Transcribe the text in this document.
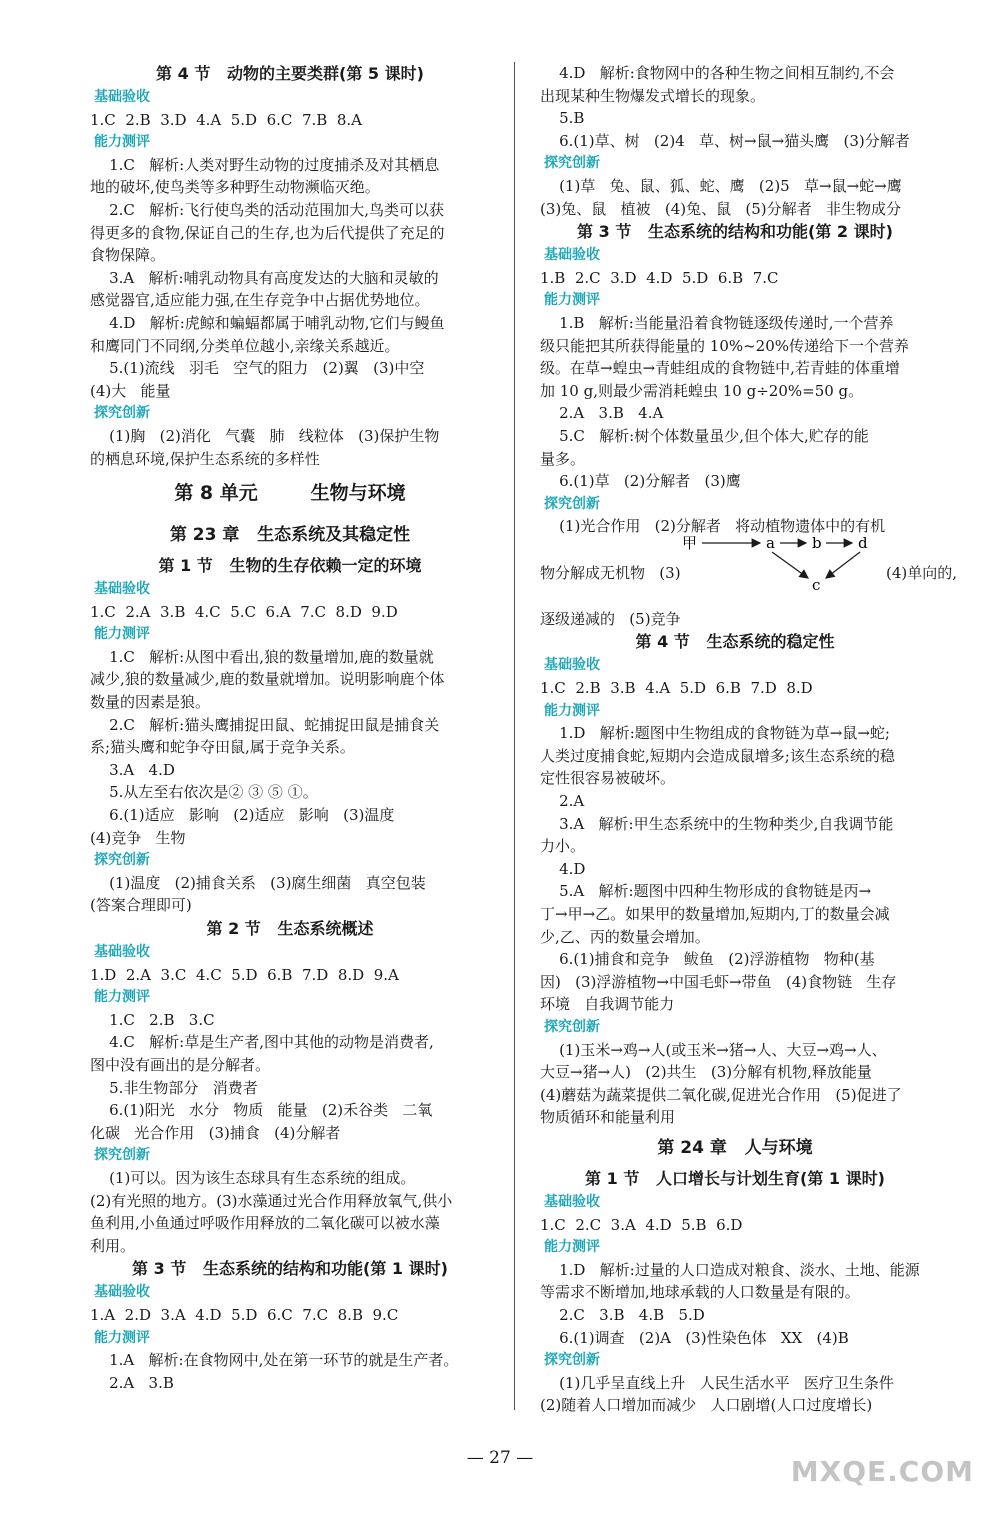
第 4 节   动物的主要类群(第 5 课时)
基础验收
1.C  2.B  3.D  4.A  5.D  6.C  7.B  8.A
能力测评
1.C   解析:人类对野生动物的过度捕杀及对其栖息
地的破坏,使鸟类等多种野生动物濒临灭绝。
2.C   解析:飞行使鸟类的活动范围加大,鸟类可以获
得更多的食物,保证自己的生存,也为后代提供了充足的
食物保障。
3.A   解析:哺乳动物具有高度发达的大脑和灵敏的
感觉器官,适应能力强,在生存竞争中占据优势地位。
4.D   解析:虎鲸和蝙蝠都属于哺乳动物,它们与鳗鱼
和鹰同门不同纲,分类单位越小,亲缘关系越近。
5.(1)流线   羽毛   空气的阻力   (2)翼   (3)中空
(4)大   能量
探究创新
(1)胸   (2)消化   气囊   肺   线粒体   (3)保护生物
的栖息环境,保护生态系统的多样性
第 8 单元        生物与环境
第 23 章   生态系统及其稳定性
第 1 节   生物的生存依赖一定的环境
基础验收
1.C  2.A  3.B  4.C  5.C  6.A  7.C  8.D  9.D
能力测评
1.C   解析:从图中看出,狼的数量增加,鹿的数量就
减少,狼的数量减少,鹿的数量就增加。说明影响鹿个体
数量的因素是狼。
2.C   解析:猫头鹰捕捉田鼠、蛇捕捉田鼠是捕食关
系;猫头鹰和蛇争夺田鼠,属于竞争关系。
3.A   4.D
5.从左至右依次是② ③ ⑤ ①。
6.(1)适应   影响   (2)适应   影响   (3)温度
(4)竞争   生物
探究创新
(1)温度   (2)捕食关系   (3)腐生细菌   真空包装
(答案合理即可)
第 2 节   生态系统概述
基础验收
1.D  2.A  3.C  4.C  5.D  6.B  7.D  8.D  9.A
能力测评
1.C   2.B   3.C
4.C   解析:草是生产者,图中其他的动物是消费者,
图中没有画出的是分解者。
5.非生物部分   消费者
6.(1)阳光   水分   物质   能量   (2)禾谷类   二氧
化碳   光合作用   (3)捕食   (4)分解者
探究创新
(1)可以。因为该生态球具有生态系统的组成。
(2)有光照的地方。(3)水藻通过光合作用释放氧气,供小
鱼利用,小鱼通过呼吸作用释放的二氧化碳可以被水藻
利用。
第 3 节   生态系统的结构和功能(第 1 课时)
基础验收
1.A  2.D  3.A  4.D  5.D  6.C  7.C  8.B  9.C
能力测评
1.A   解析:在食物网中,处在第一环节的就是生产者。
2.A   3.B
4.D   解析:食物网中的各种生物之间相互制约,不会
出现某种生物爆发式增长的现象。
5.B
6.(1)草、树   (2)4   草、树→鼠→猫头鹰   (3)分解者
探究创新
(1)草   兔、鼠、狐、蛇、鹰   (2)5   草→鼠→蛇→鹰
(3)兔、鼠   植被   (4)兔、鼠   (5)分解者   非生物成分
第 3 节   生态系统的结构和功能(第 2 课时)
基础验收
1.B  2.C  3.D  4.D  5.D  6.B  7.C
能力测评
1.B   解析:当能量沿着食物链逐级传递时,一个营养
级只能把其所获得能量的 10%~20%传递给下一个营养
级。在草→蝗虫→青蛙组成的食物链中,若青蛙的体重增
加 10 g,则最少需消耗蝗虫 10 g÷20%=50 g。
2.A   3.B   4.A
5.C   解析:树个体数量虽少,但个体大,贮存的能
量多。
6.(1)草   (2)分解者   (3)鹰
探究创新
(1)光合作用   (2)分解者   将动植物遗体中的有机
物分解成无机物   (3)
甲	a b d
c
(4)单向的,
逐级递减的   (5)竞争
第 4 节   生态系统的稳定性
基础验收
1.C  2.B  3.B  4.A  5.D  6.B  7.D  8.D
能力测评
1.D   解析:题图中生物组成的食物链为草→鼠→蛇;
人类过度捕食蛇,短期内会造成鼠增多;该生态系统的稳
定性很容易被破坏。
2.A
3.A   解析:甲生态系统中的生物种类少,自我调节能
力小。
4.D
5.A   解析:题图中四种生物形成的食物链是丙→
丁→甲→乙。如果甲的数量增加,短期内,丁的数量会减
少,乙、丙的数量会增加。
6.(1)捕食和竞争   鲅鱼   (2)浮游植物   物种(基
因)   (3)浮游植物→中国毛虾→带鱼   (4)食物链   生存
环境   自我调节能力
探究创新
(1)玉米→鸡→人(或玉米→猪→人、大豆→鸡→人、
大豆→猪→人)   (2)共生   (3)分解有机物,释放能量
(4)蘑菇为蔬菜提供二氧化碳,促进光合作用   (5)促进了
物质循环和能量利用
第 24 章   人与环境
第 1 节   人口增长与计划生育(第 1 课时)
基础验收
1.C  2.C  3.A  4.D  5.B  6.D
能力测评
1.D   解析:过量的人口造成对粮食、淡水、土地、能源
等需求不断增加,地球承载的人口数量是有限的。
2.C   3.B   4.B   5.D
6.(1)调查   (2)A   (3)性染色体   XX   (4)B
探究创新
(1)几乎呈直线上升   人民生活水平   医疗卫生条件
(2)随着人口增加而减少   人口剧增(人口过度增长)
— 27 —	MXQE.COM
